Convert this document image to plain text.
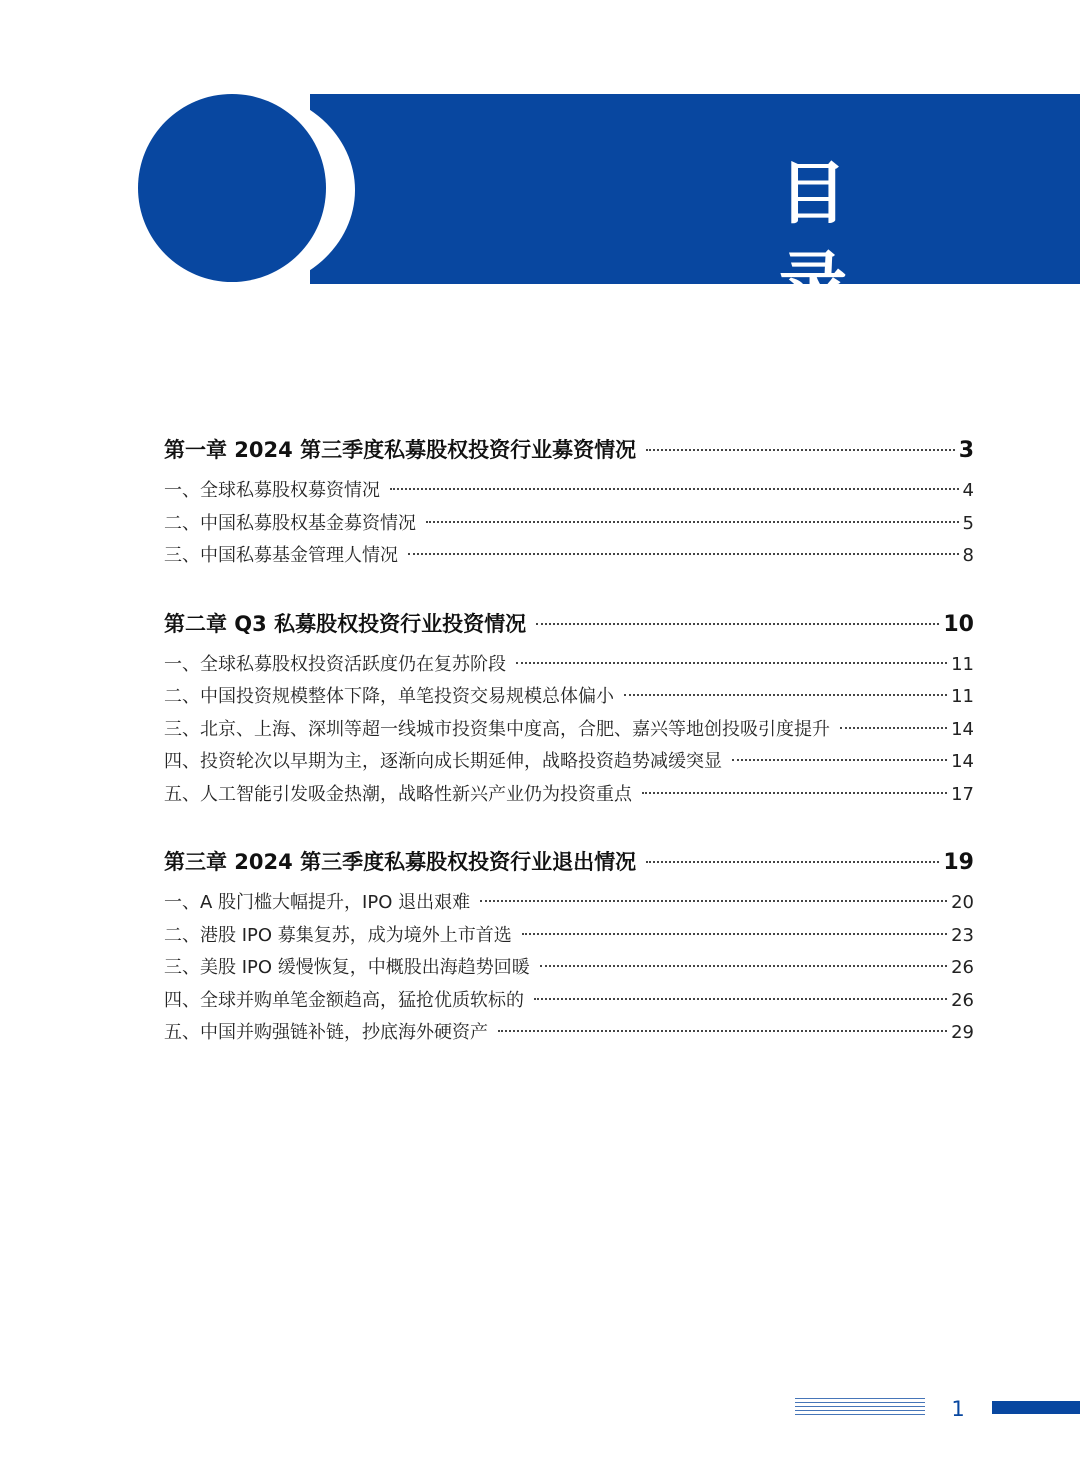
目 录
第一章 2024 第三季度私募股权投资行业募资情况	3
一、全球私募股权募资情况	4
二、中国私募股权基金募资情况	5
三、中国私募基金管理人情况	8
第二章 Q3 私募股权投资行业投资情况	10
一、全球私募股权投资活跃度仍在复苏阶段	11
二、中国投资规模整体下降，单笔投资交易规模总体偏小	11
三、北京、上海、深圳等超一线城市投资集中度高，合肥、嘉兴等地创投吸引度提升	14
四、投资轮次以早期为主，逐渐向成长期延伸，战略投资趋势减缓突显	14
五、人工智能引发吸金热潮，战略性新兴产业仍为投资重点	17
第三章 2024 第三季度私募股权投资行业退出情况	19
一、A 股门槛大幅提升，IPO 退出艰难	20
二、港股 IPO 募集复苏，成为境外上市首选	23
三、美股 IPO 缓慢恢复，中概股出海趋势回暖	26
四、全球并购单笔金额趋高，猛抢优质软标的	26
五、中国并购强链补链，抄底海外硬资产	29
1
